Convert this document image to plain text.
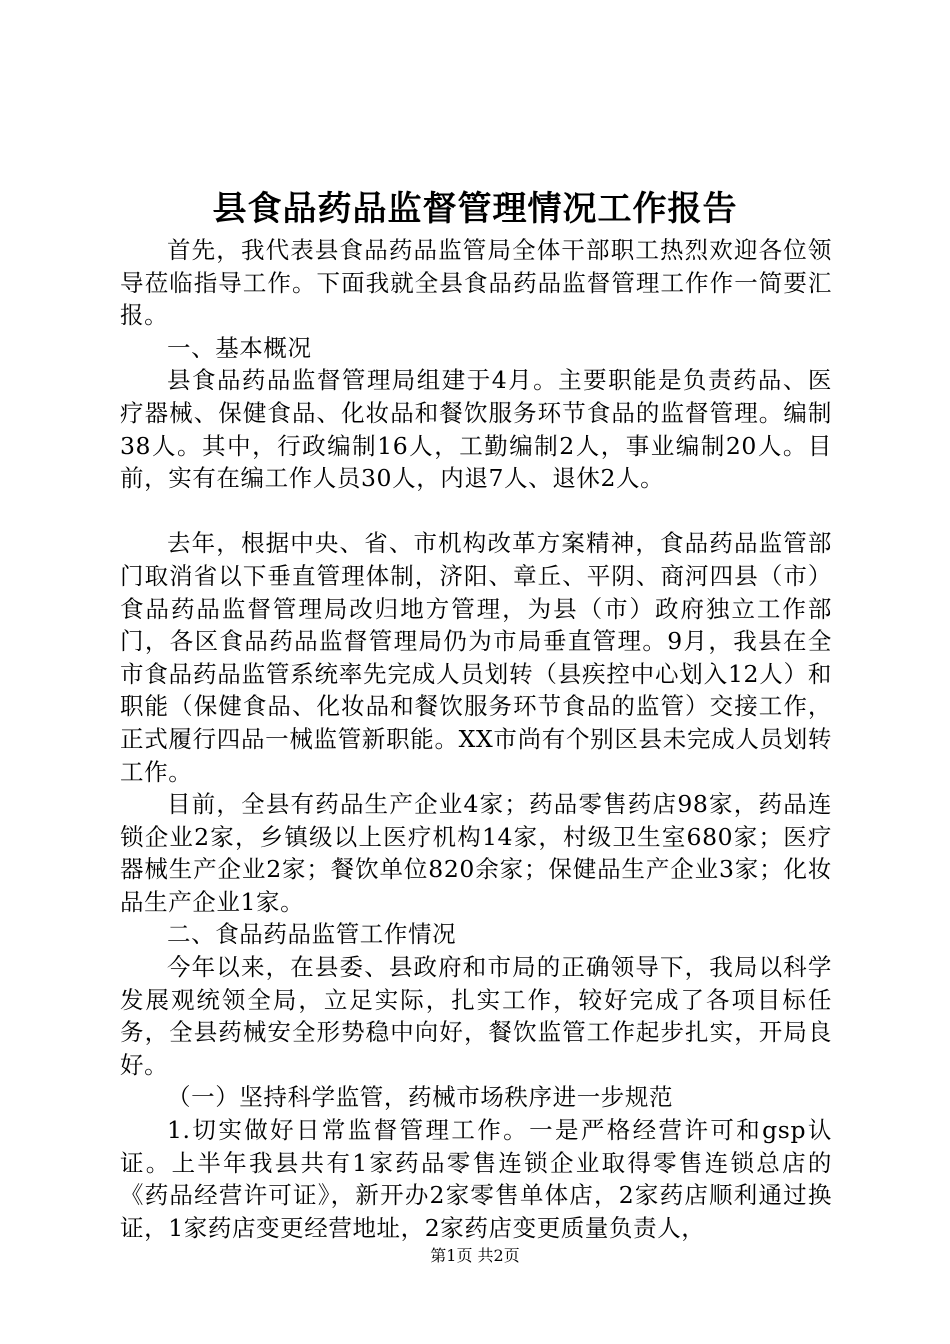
县食品药品监督管理情况工作报告

首先，我代表县食品药品监管局全体干部职工热烈欢迎各位领导莅临指导工作。下面我就全县食品药品监督管理工作作一简要汇报。

一、基本概况

县食品药品监督管理局组建于4月。主要职能是负责药品、医疗器械、保健食品、化妆品和餐饮服务环节食品的监督管理。编制38人。其中，行政编制16人，工勤编制2人，事业编制20人。目前，实有在编工作人员30人，内退7人、退休2人。

去年，根据中央、省、市机构改革方案精神，食品药品监管部门取消省以下垂直管理体制，济阳、章丘、平阴、商河四县（市）食品药品监督管理局改归地方管理，为县（市）政府独立工作部门，各区食品药品监督管理局仍为市局垂直管理。9月，我县在全市食品药品监管系统率先完成人员划转（县疾控中心划入12人）和职能（保健食品、化妆品和餐饮服务环节食品的监管）交接工作，正式履行四品一械监管新职能。XX市尚有个别区县未完成人员划转工作。

目前，全县有药品生产企业4家；药品零售药店98家，药品连锁企业2家，乡镇级以上医疗机构14家，村级卫生室680家；医疗器械生产企业2家；餐饮单位820余家；保健品生产企业3家；化妆品生产企业1家。

二、食品药品监管工作情况

今年以来，在县委、县政府和市局的正确领导下，我局以科学发展观统领全局，立足实际，扎实工作，较好完成了各项目标任务，全县药械安全形势稳中向好，餐饮监管工作起步扎实，开局良好。

（一）坚持科学监管，药械市场秩序进一步规范

1.切实做好日常监督管理工作。一是严格经营许可和gsp认证。上半年我县共有1家药品零售连锁企业取得零售连锁总店的《药品经营许可证》，新开办2家零售单体店，2家药店顺利通过换证，1家药店变更经营地址，2家药店变更质量负责人，

第1页 共2页
